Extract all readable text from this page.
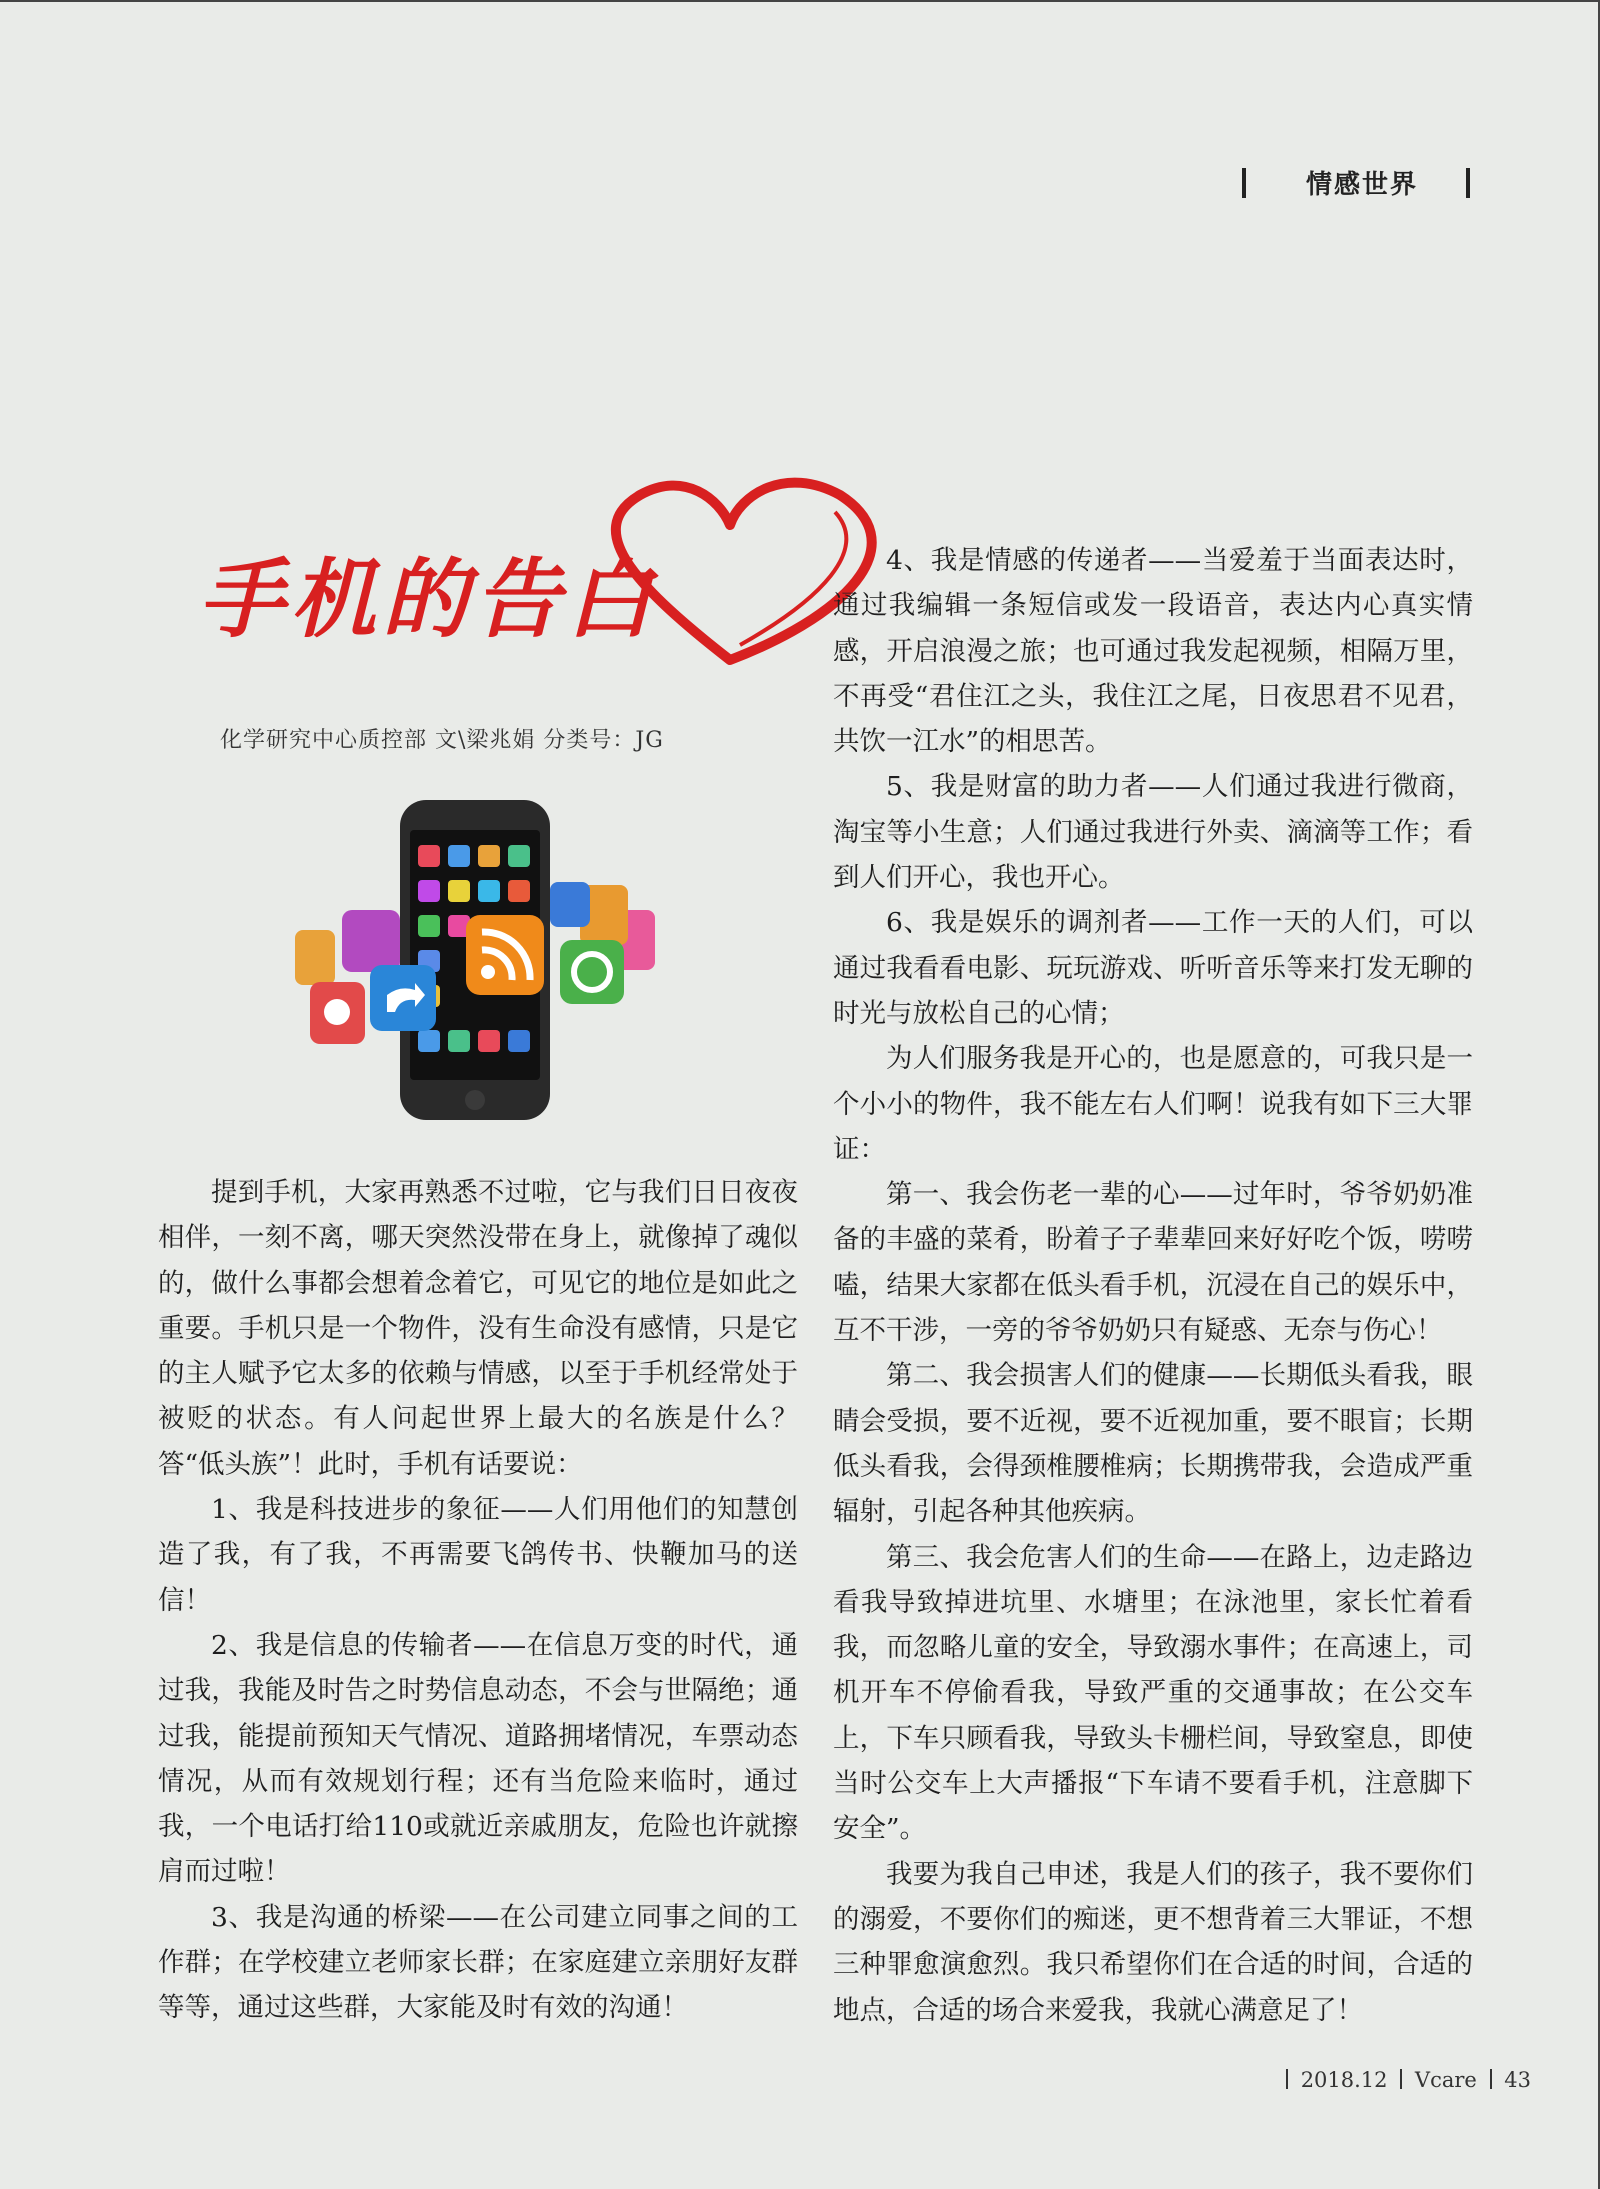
情感世界
手机的告白
化学研究中心质控部 文\梁兆娟 分类号：JG

提到手机，大家再熟悉不过啦，它与我们日日夜夜相伴，一刻不离，哪天突然没带在身上，就像掉了魂似的，做什么事都会想着念着它，可见它的地位是如此之重要。手机只是一个物件，没有生命没有感情，只是它的主人赋予它太多的依赖与情感，以至于手机经常处于被贬的状态。有人问起世界上最大的名族是什么？答“低头族”！此时，手机有话要说：

1、我是科技进步的象征——人们用他们的知慧创造了我，有了我，不再需要飞鸽传书、快鞭加马的送信！

2、我是信息的传输者——在信息万变的时代，通过我，我能及时告之时势信息动态，不会与世隔绝；通过我，能提前预知天气情况、道路拥堵情况，车票动态情况，从而有效规划行程；还有当危险来临时，通过我，一个电话打给110或就近亲戚朋友，危险也许就擦肩而过啦！

3、我是沟通的桥梁——在公司建立同事之间的工作群；在学校建立老师家长群；在家庭建立亲朋好友群等等，通过这些群，大家能及时有效的沟通！

4、我是情感的传递者——当爱羞于当面表达时，通过我编辑一条短信或发一段语音，表达内心真实情感，开启浪漫之旅；也可通过我发起视频，相隔万里，不再受“君住江之头，我住江之尾，日夜思君不见君，共饮一江水”的相思苦。

5、我是财富的助力者——人们通过我进行微商，淘宝等小生意；人们通过我进行外卖、滴滴等工作；看到人们开心，我也开心。

6、我是娱乐的调剂者——工作一天的人们，可以通过我看看电影、玩玩游戏、听听音乐等来打发无聊的时光与放松自己的心情；

为人们服务我是开心的，也是愿意的，可我只是一个小小的物件，我不能左右人们啊！说我有如下三大罪证：

第一、我会伤老一辈的心——过年时，爷爷奶奶准备的丰盛的菜肴，盼着子子辈辈回来好好吃个饭，唠唠嗑，结果大家都在低头看手机，沉浸在自己的娱乐中，互不干涉，一旁的爷爷奶奶只有疑惑、无奈与伤心！

第二、我会损害人们的健康——长期低头看我，眼睛会受损，要不近视，要不近视加重，要不眼盲；长期低头看我，会得颈椎腰椎病；长期携带我，会造成严重辐射，引起各种其他疾病。

第三、我会危害人们的生命——在路上，边走路边看我导致掉进坑里、水塘里；在泳池里，家长忙着看我，而忽略儿童的安全，导致溺水事件；在高速上，司机开车不停偷看我，导致严重的交通事故；在公交车上，下车只顾看我，导致头卡栅栏间，导致窒息，即使当时公交车上大声播报“下车请不要看手机，注意脚下安全”。

我要为我自己申述，我是人们的孩子，我不要你们的溺爱，不要你们的痴迷，更不想背着三大罪证，不想三种罪愈演愈烈。我只希望你们在合适的时间，合适的地点，合适的场合来爱我，我就心满意足了！

2018.12 Vcare 43
